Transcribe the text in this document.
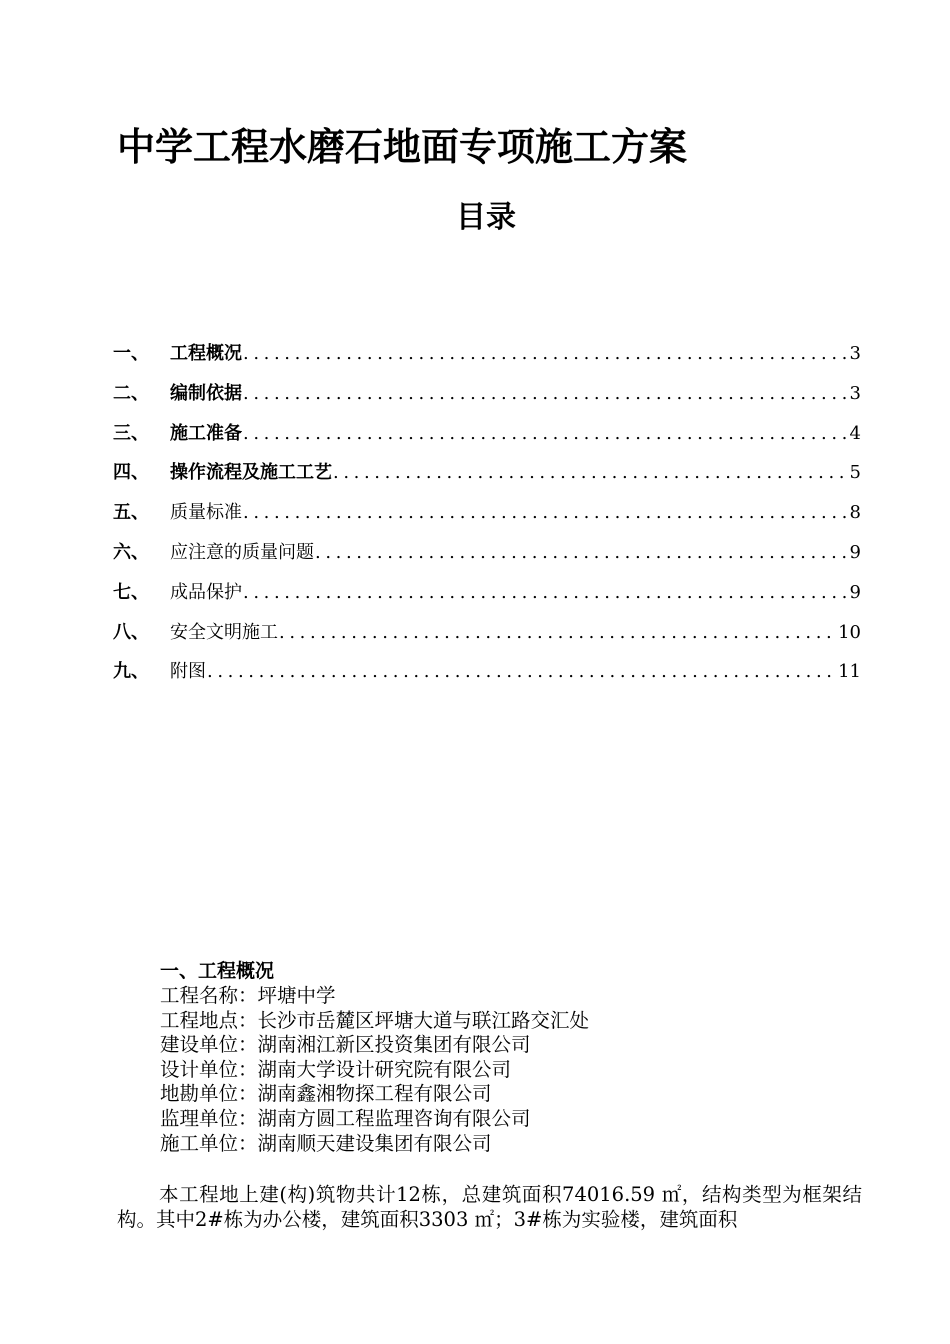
中学工程水磨石地面专项施工方案
目录
一、	工程概况 .....	3
二、	编制依据 .....	3
三、	施工准备 .....	4
四、	操作流程及施工工艺 .....	5
五、	质量标准 .....	8
六、	应注意的质量问题 .....	9
七、	成品保护 .....	9
八、	安全文明施工 .....	10
九、	附图 .....	11
一、工程概况
工程名称：坪塘中学
工程地点：长沙市岳麓区坪塘大道与联江路交汇处
建设单位：湖南湘江新区投资集团有限公司
设计单位：湖南大学设计研究院有限公司
地勘单位：湖南鑫湘物探工程有限公司
监理单位：湖南方圆工程监理咨询有限公司
施工单位：湖南顺天建设集团有限公司

本工程地上建(构)筑物共计12栋，总建筑面积74016.59 ㎡，结构类型为框架结构。其中2#栋为办公楼，建筑面积3303 ㎡；3#栋为实验楼，建筑面积
